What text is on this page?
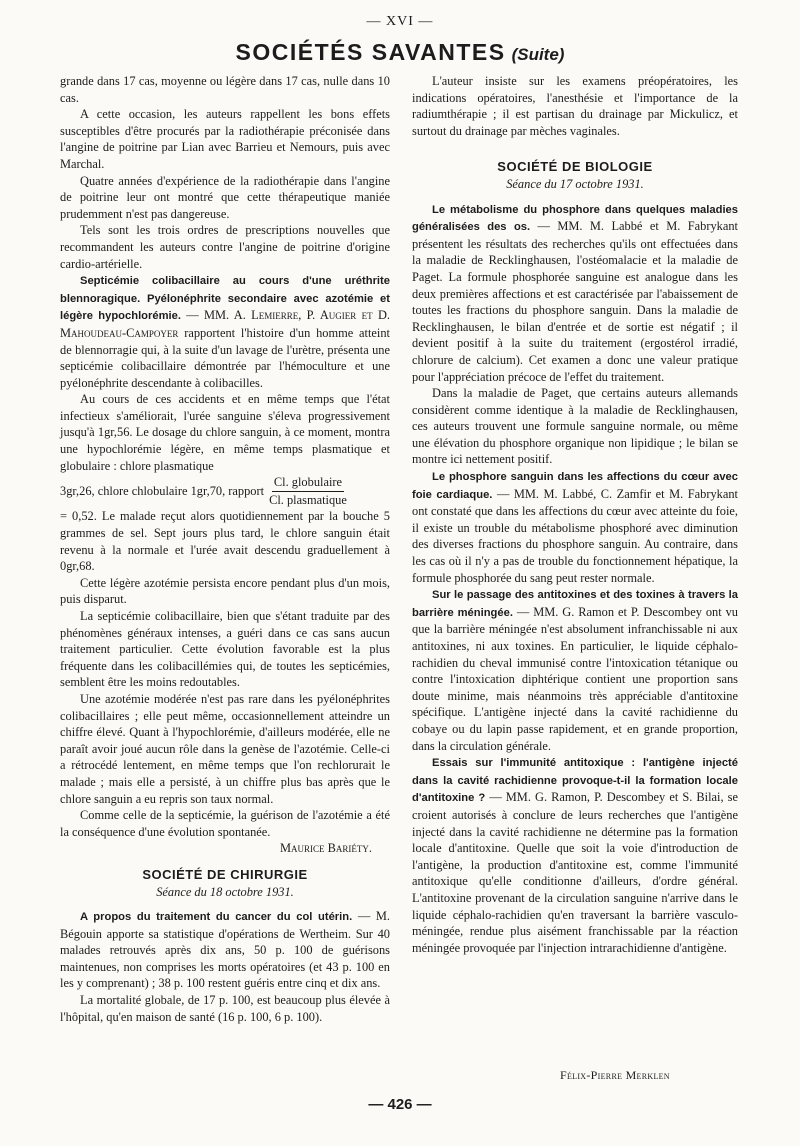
— XVI —
SOCIÉTÉS SAVANTES (Suite)

grande dans 17 cas, moyenne ou légère dans 17 cas, nulle dans 10 cas.

A cette occasion, les auteurs rappellent les bons effets susceptibles d'être procurés par la radiothérapie préconisée dans l'angine de poitrine par Lian avec Barrieu et Nemours, puis avec Marchal.

Quatre années d'expérience de la radiothérapie dans l'angine de poitrine leur ont montré que cette thérapeutique maniée prudemment n'est pas dangereuse.

Tels sont les trois ordres de prescriptions nouvelles que recommandent les auteurs contre l'angine de poitrine d'origine cardio-artérielle.

Septicémie colibacillaire au cours d'une uréthrite blennoragique. Pyélonéphrite secondaire avec azotémie et légère hypochlorémie. — MM. A. Lemierre, P. Augier et D. Mahoudeau-Campoyer rapportent l'histoire d'un homme atteint de blennorragie qui, à la suite d'un lavage de l'urètre, présenta une septicémie colibacillaire démontrée par l'hémoculture et une pyélonéphrite descendante à colibacilles.

Au cours de ces accidents et en même temps que l'état infectieux s'améliorait, l'urée sanguine s'éleva progressivement jusqu'à 1gr,56. Le dosage du chlore sanguin, à ce moment, montra une hypochlorémie légère, en même temps plasmatique et globulaire : chlore plasmatique

3gr,26, chlore chlobulaire 1gr,70, rapport $\frac{\text{Cl. globulaire}}{\text{Cl. plasmatique}}$

= 0,52. Le malade reçut alors quotidiennement par la bouche 5 grammes de sel. Sept jours plus tard, le chlore sanguin était revenu à la normale et l'urée avait descendu graduellement à 0gr,68.

Cette légère azotémie persista encore pendant plus d'un mois, puis disparut.

La septicémie colibacillaire, bien que s'étant traduite par des phénomènes généraux intenses, a guéri dans ce cas sans aucun traitement particulier. Cette évolution favorable est la plus fréquente dans les colibacillémies qui, de toutes les septicémies, semblent être les moins redoutables.

Une azotémie modérée n'est pas rare dans les pyélonéphrites colibacillaires ; elle peut même, occasionnellement atteindre un chiffre élevé. Quant à l'hypochlorémie, d'ailleurs modérée, elle ne paraît avoir joué aucun rôle dans la genèse de l'azotémie. Celle-ci a rétrocédé lentement, en même temps que l'on rechlorurait le malade ; mais elle a persisté, à un chiffre plus bas après que le chlore sanguin a eu repris son taux normal.

Comme celle de la septicémie, la guérison de l'azotémie a été la conséquence d'une évolution spontanée.

Maurice Bariéty.

SOCIÉTÉ DE CHIRURGIE
Séance du 18 octobre 1931.

A propos du traitement du cancer du col utérin. — M. Bégouin apporte sa statistique d'opérations de Wertheim. Sur 40 malades retrouvés après dix ans, 50 p. 100 de guérisons maintenues, non comprises les morts opératoires (et 43 p. 100 en les y comprenant) ; 38 p. 100 restent guéris entre cinq et dix ans.

La mortalité globale, de 17 p. 100, est beaucoup plus élevée à l'hôpital, qu'en maison de santé (16 p. 100, 6 p. 100).

L'auteur insiste sur les examens préopératoires, les indications opératoires, l'anesthésie et l'importance de la radiumthérapie ; il est partisan du drainage par Mickulicz, et surtout du drainage par mèches vaginales.

SOCIÉTÉ DE BIOLOGIE
Séance du 17 octobre 1931.

Le métabolisme du phosphore dans quelques maladies généralisées des os. — MM. M. Labbé et M. Fabrykant présentent les résultats des recherches qu'ils ont effectuées dans la maladie de Recklinghausen, l'ostéomalacie et la maladie de Paget. La formule phosphorée sanguine est analogue dans les deux premières affections et est caractérisée par l'abaissement de toutes les fractions du phosphore sanguin. Dans la maladie de Recklinghausen, le bilan d'entrée et de sortie est négatif ; il devient positif à la suite du traitement (ergostérol irradié, chlorure de calcium). Cet examen a donc une valeur pratique pour l'appréciation précoce de l'effet du traitement.

Dans la maladie de Paget, que certains auteurs allemands considèrent comme identique à la maladie de Recklinghausen, ces auteurs trouvent une formule sanguine normale, ou même une élévation du phosphore organique non lipidique ; le bilan se montre ici nettement positif.

Le phosphore sanguin dans les affections du cœur avec foie cardiaque. — MM. M. Labbé, C. Zamfir et M. Fabrykant ont constaté que dans les affections du cœur avec atteinte du foie, il existe un trouble du métabolisme phosphoré avec diminution des diverses fractions du phosphore sanguin. Au contraire, dans les cas où il n'y a pas de trouble du fonctionnement hépatique, la formule phosphorée du sang peut rester normale.

Sur le passage des antitoxines et des toxines à travers la barrière méningée. — MM. G. Ramon et P. Descombey ont vu que la barrière méningée n'est absolument infranchissable ni aux antitoxines, ni aux toxines. En particulier, le liquide céphalo-rachidien du cheval immunisé contre l'intoxication tétanique ou contre l'intoxication diphtérique contient une proportion sans doute minime, mais néanmoins très appréciable d'antitoxine spécifique. L'antigène injecté dans la cavité rachidienne du cobaye ou du lapin passe rapidement, et en grande proportion, dans la circulation générale.

Essais sur l'immunité antitoxique : l'antigène injecté dans la cavité rachidienne provoque-t-il la formation locale d'antitoxine ? — MM. G. Ramon, P. Descombey et S. Bilai, se croient autorisés à conclure de leurs recherches que l'antigène injecté dans la cavité rachidienne ne détermine pas la formation locale d'antitoxine. Quelle que soit la voie d'introduction de l'antigène, la production d'antitoxine est, comme l'immunité antitoxique qu'elle conditionne d'ailleurs, d'ordre général. L'antitoxine provenant de la circulation sanguine n'arrive dans le liquide céphalo-rachidien qu'en traversant la barrière vasculo-méningée, rendue plus aisément franchissable par la réaction méningée provoquée par l'injection intrarachidienne d'antigène.

Félix-Pierre Merklen
— 426 —
